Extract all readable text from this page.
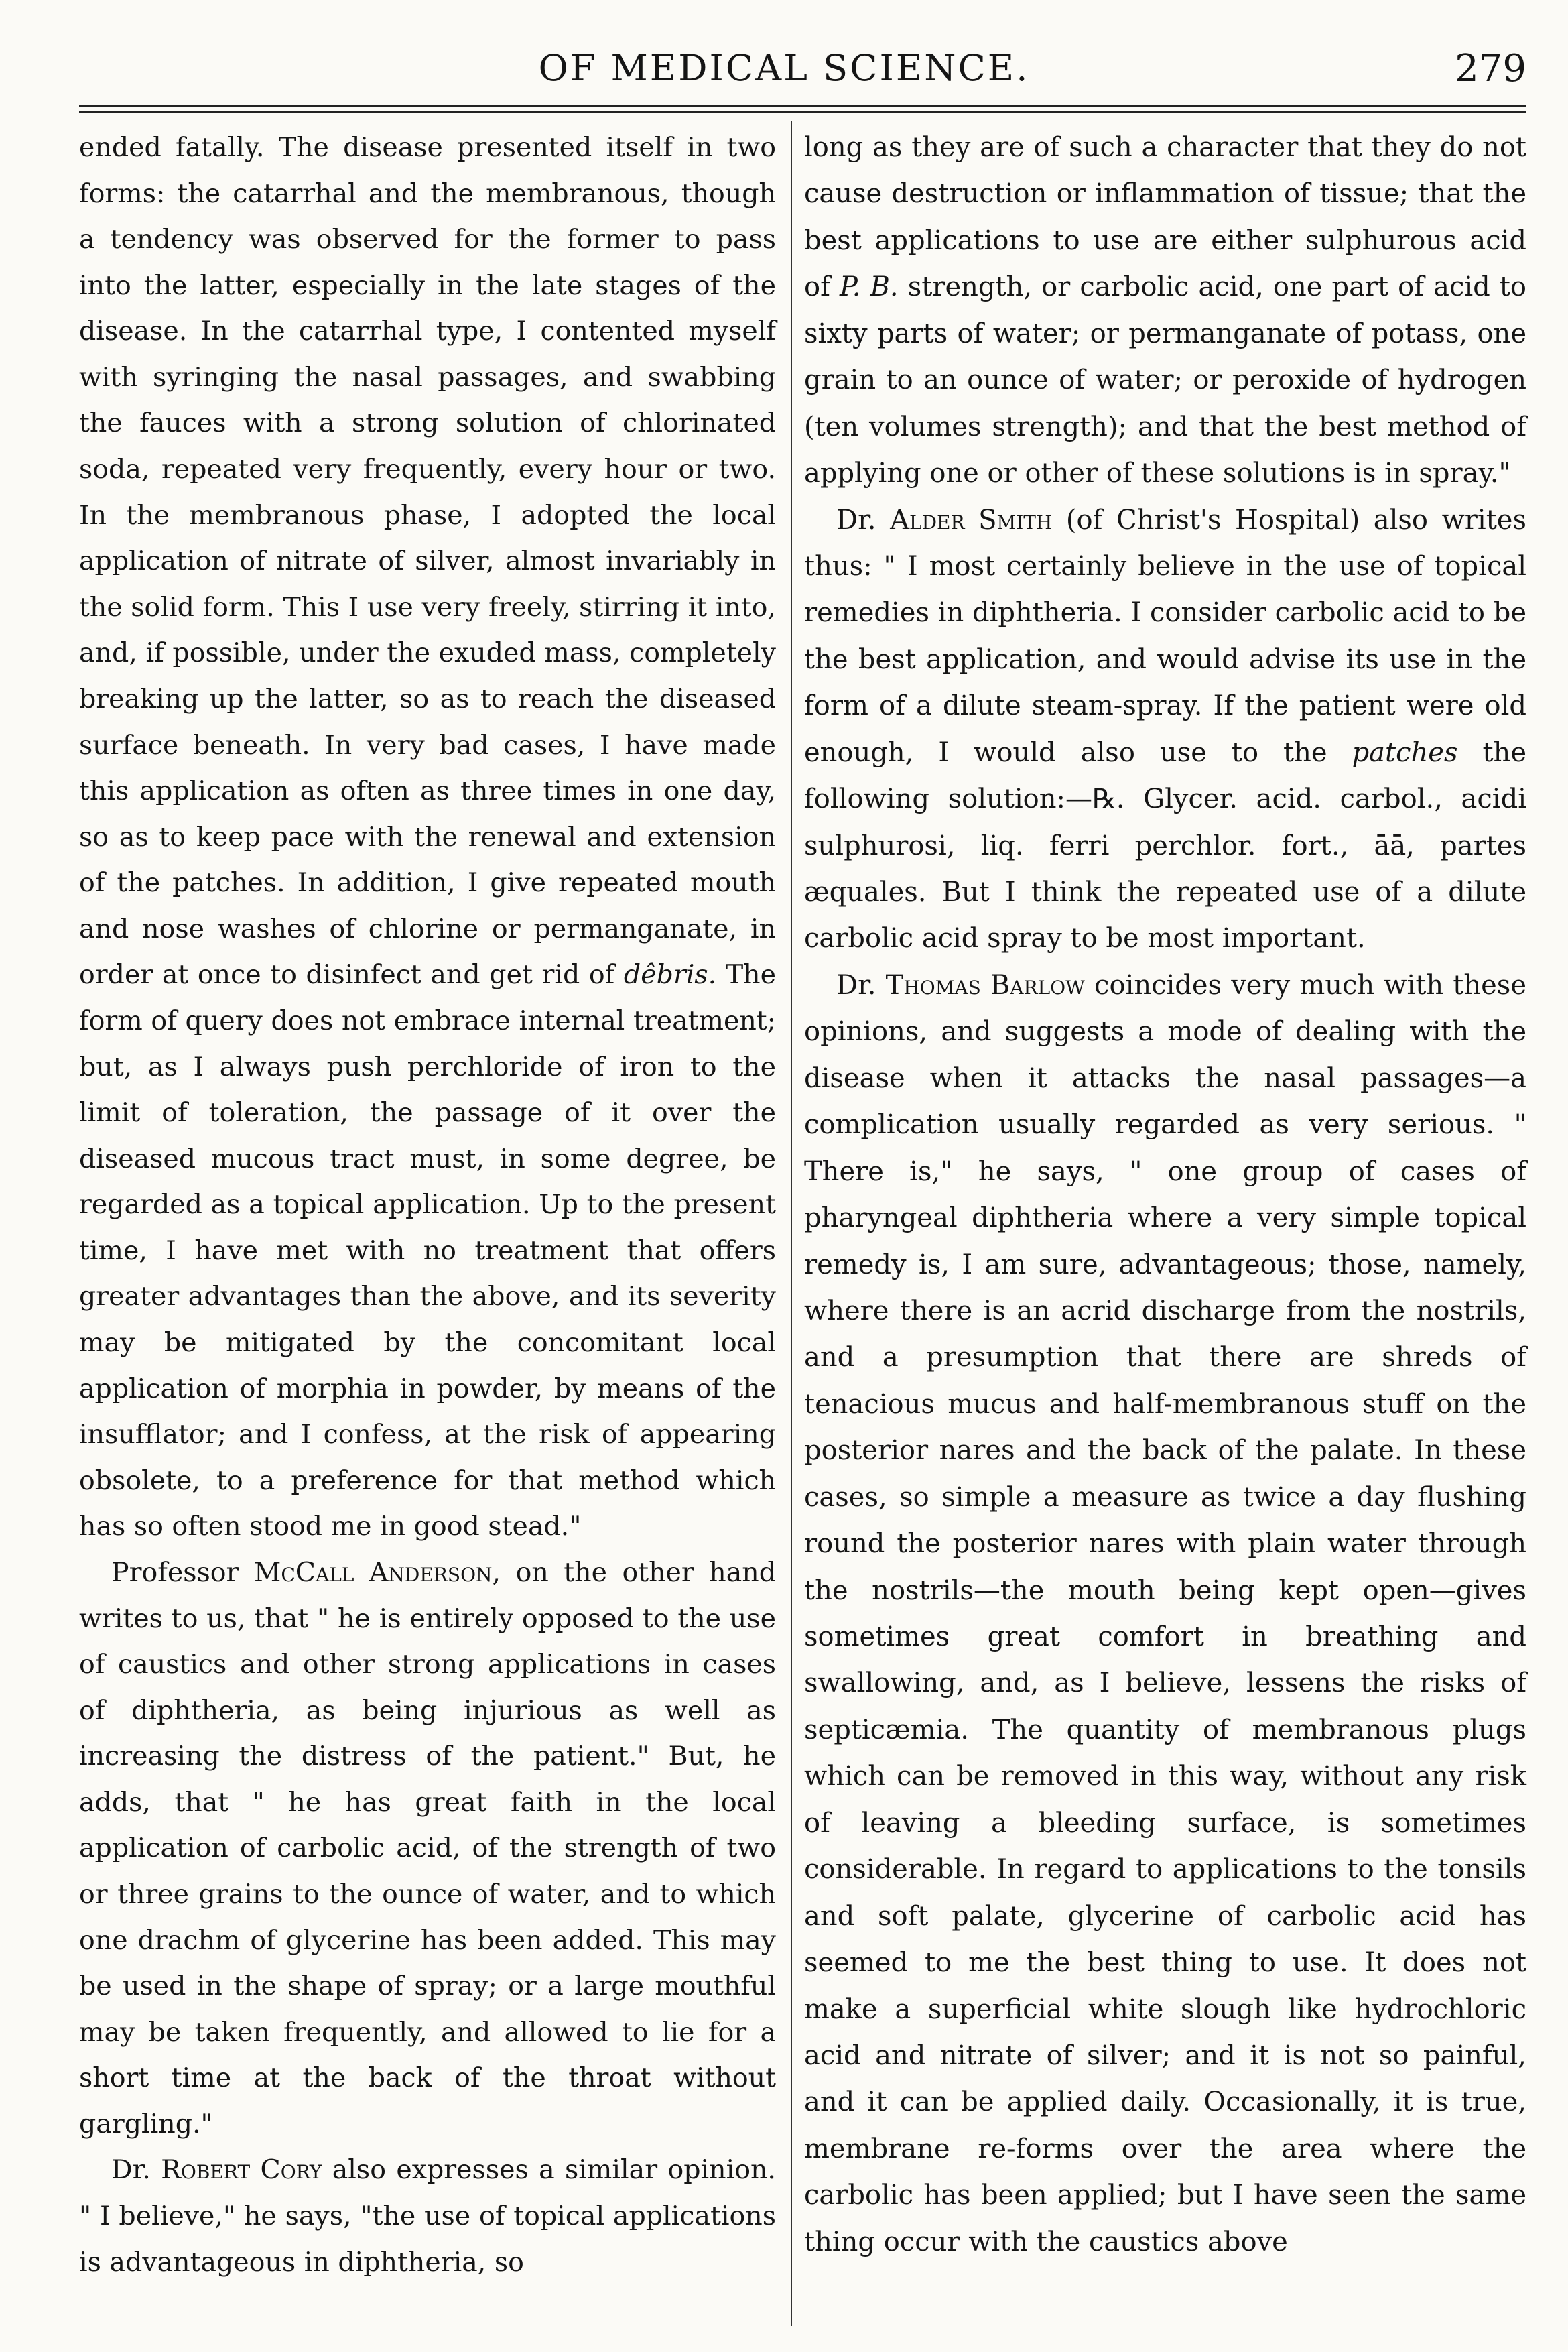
OF MEDICAL SCIENCE.	279

ended fatally. The disease presented itself in two forms: the catarrhal and the membranous, though a tendency was observed for the former to pass into the latter, especially in the late stages of the disease. In the catarrhal type, I contented myself with syringing the nasal passages, and swabbing the fauces with a strong solution of chlorinated soda, repeated very frequently, every hour or two. In the membranous phase, I adopted the local application of nitrate of silver, almost invariably in the solid form. This I use very freely, stirring it into, and, if possible, under the exuded mass, completely breaking up the latter, so as to reach the diseased surface beneath. In very bad cases, I have made this application as often as three times in one day, so as to keep pace with the renewal and extension of the patches. In addition, I give repeated mouth and nose washes of chlorine or permanganate, in order at once to disinfect and get rid of dêbris. The form of query does not embrace internal treatment; but, as I always push perchloride of iron to the limit of toleration, the passage of it over the diseased mucous tract must, in some degree, be regarded as a topical application. Up to the present time, I have met with no treatment that offers greater advantages than the above, and its severity may be mitigated by the concomitant local application of morphia in powder, by means of the insufflator; and I confess, at the risk of appearing obsolete, to a preference for that method which has so often stood me in good stead."

Professor McCall Anderson, on the other hand writes to us, that " he is entirely opposed to the use of caustics and other strong applications in cases of diphtheria, as being injurious as well as increasing the distress of the patient." But, he adds, that " he has great faith in the local application of carbolic acid, of the strength of two or three grains to the ounce of water, and to which one drachm of glycerine has been added. This may be used in the shape of spray; or a large mouthful may be taken frequently, and allowed to lie for a short time at the back of the throat without gargling."

Dr. Robert Cory also expresses a similar opinion. " I believe," he says, "the use of topical applications is advantageous in diphtheria, so

long as they are of such a character that they do not cause destruction or inflammation of tissue; that the best applications to use are either sulphurous acid of P. B. strength, or carbolic acid, one part of acid to sixty parts of water; or permanganate of potass, one grain to an ounce of water; or peroxide of hydrogen (ten volumes strength); and that the best method of applying one or other of these solutions is in spray."

Dr. Alder Smith (of Christ's Hospital) also writes thus: " I most certainly believe in the use of topical remedies in diphtheria. I consider carbolic acid to be the best application, and would advise its use in the form of a dilute steam-spray. If the patient were old enough, I would also use to the patches the following solution:—℞. Glycer. acid. carbol., acidi sulphurosi, liq. ferri perchlor. fort., āā, partes æquales. But I think the repeated use of a dilute carbolic acid spray to be most important.

Dr. Thomas Barlow coincides very much with these opinions, and suggests a mode of dealing with the disease when it attacks the nasal passages—a complication usually regarded as very serious. " There is," he says, " one group of cases of pharyngeal diphtheria where a very simple topical remedy is, I am sure, advantageous; those, namely, where there is an acrid discharge from the nostrils, and a presumption that there are shreds of tenacious mucus and half-membranous stuff on the posterior nares and the back of the palate. In these cases, so simple a measure as twice a day flushing round the posterior nares with plain water through the nostrils—the mouth being kept open—gives sometimes great comfort in breathing and swallowing, and, as I believe, lessens the risks of septicæmia. The quantity of membranous plugs which can be removed in this way, without any risk of leaving a bleeding surface, is sometimes considerable. In regard to applications to the tonsils and soft palate, glycerine of carbolic acid has seemed to me the best thing to use. It does not make a superficial white slough like hydrochloric acid and nitrate of silver; and it is not so painful, and it can be applied daily. Occasionally, it is true, membrane re-forms over the area where the carbolic has been applied; but I have seen the same thing occur with the caustics above
